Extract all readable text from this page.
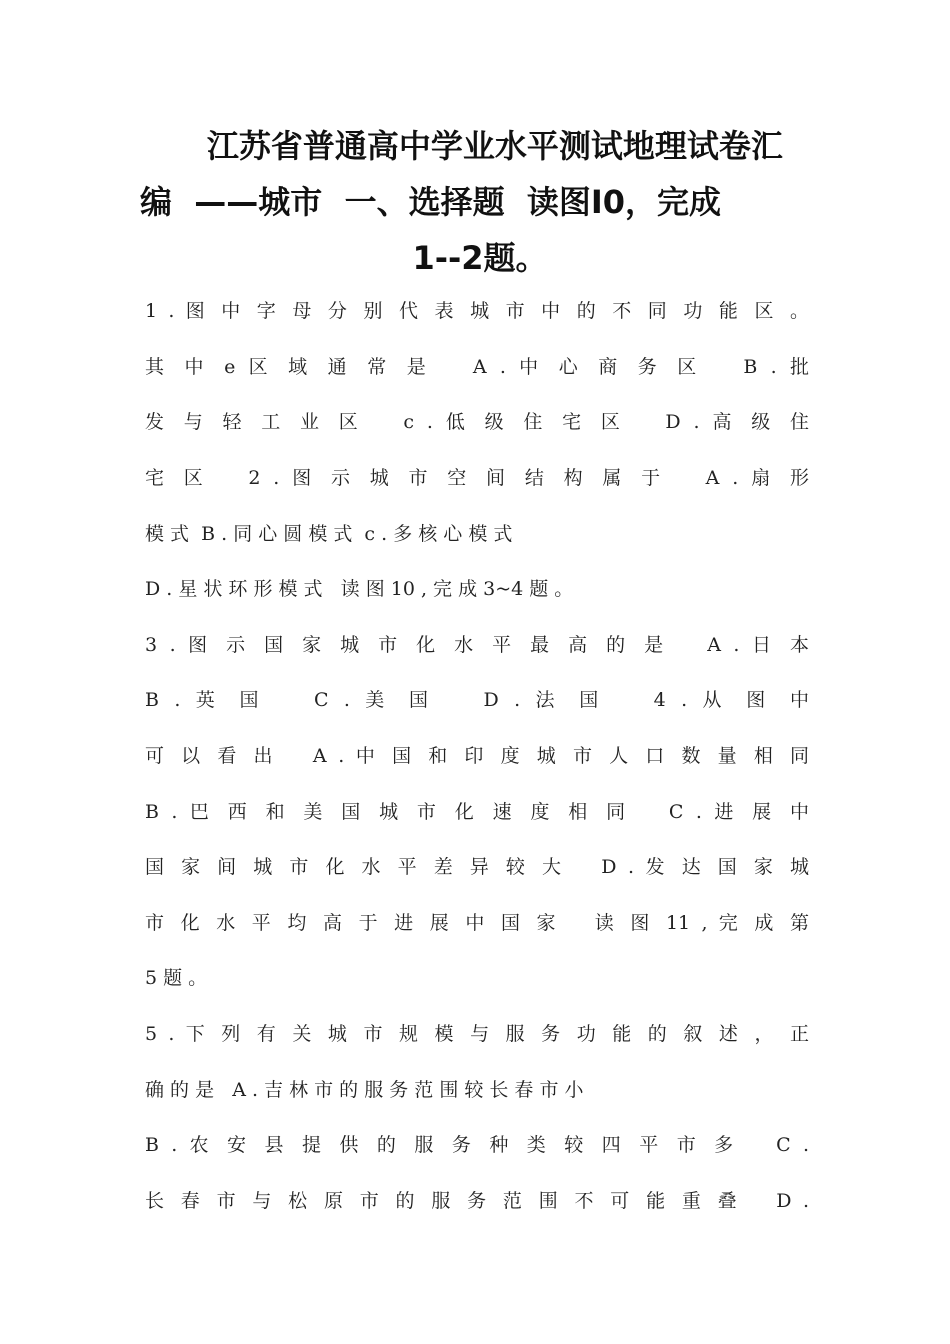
江苏省普通高中学业水平测试地理试卷汇
编  ——城市  一、选择题  读图I0，完成
1--2题。
1 . 图 中 字 母 分 别 代 表 城 市 中 的 不 同 功 能 区 。
其 中 e 区 域 通 常 是   A . 中 心 商 务 区   B . 批
发 与 轻 工 业 区   c . 低 级 住 宅 区   D . 高 级 住
宅 区   2 . 图 示 城 市 空 间 结 构 属 于   A . 扇 形
模 式  B . 同 心 圆 模 式  c . 多 核 心 模 式
D . 星 状 环 形 模 式   读 图 10 , 完 成 3~4 题 。
3 . 图 示 国 家 城 市 化 水 平 最 高 的 是   A . 日 本
B . 英 国   C . 美 国   D . 法 国   4 . 从 图 中
可 以 看 出   A . 中 国 和 印 度 城 市 人 口 数 量 相 同
B . 巴 西 和 美 国 城 市 化 速 度 相 同   C . 进 展 中
国 家 间 城 市 化 水 平 差 异 较 大   D . 发 达 国 家 城
市 化 水 平 均 高 于 进 展 中 国 家   读 图 11 , 完 成 第
5 题 。
5 . 下 列 有 关 城 市 规 模 与 服 务 功 能 的 叙 述 ， 正
确 的 是   A . 吉 林 市 的 服 务 范 围 较 长 春 市 小
B . 农 安 县 提 供 的 服 务 种 类 较 四 平 市 多   C .
长 春 市 与 松 原 市 的 服 务 范 围 不 可 能 重 叠   D .
